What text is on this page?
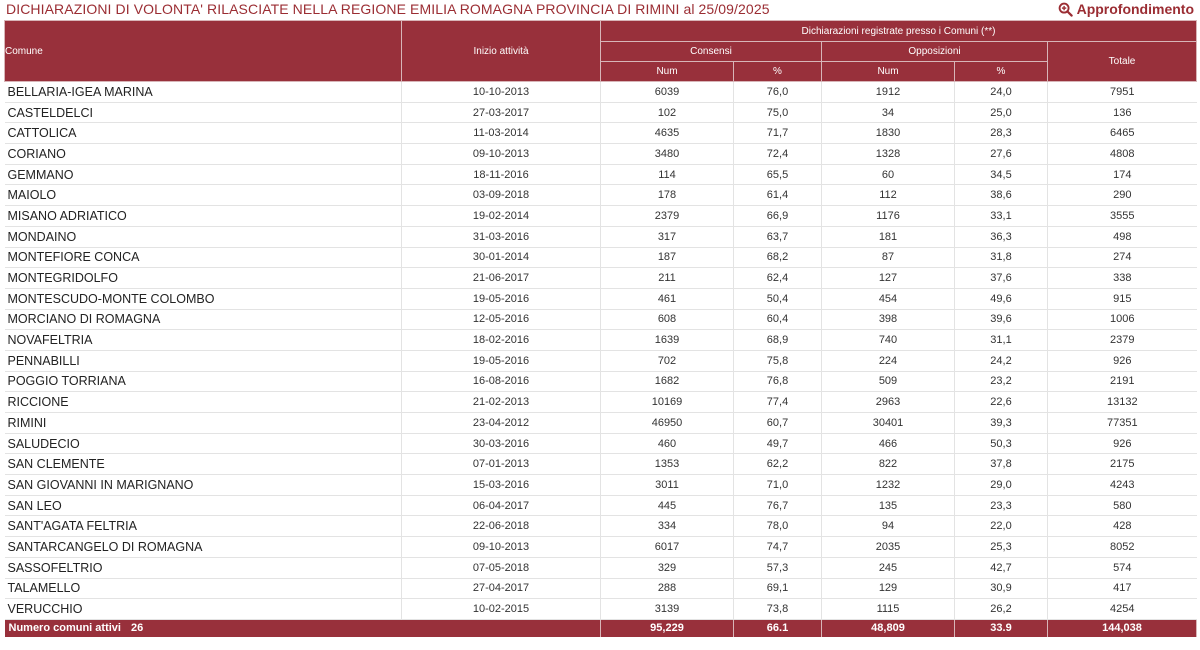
DICHIARAZIONI DI VOLONTA' RILASCIATE NELLA REGIONE EMILIA ROMAGNA PROVINCIA DI RIMINI al 25/09/2025	Approfondimento
Comune	Inizio attività	Dichiarazioni registrate presso i Comuni (**)				
		Consensi		Opposizioni		Totale
		Num	%	Num	%	
BELLARIA-IGEA MARINA	10-10-2013	6039	76,0	1912	24,0	7951
CASTELDELCI	27-03-2017	102	75,0	34	25,0	136
CATTOLICA	11-03-2014	4635	71,7	1830	28,3	6465
CORIANO	09-10-2013	3480	72,4	1328	27,6	4808
GEMMANO	18-11-2016	114	65,5	60	34,5	174
MAIOLO	03-09-2018	178	61,4	112	38,6	290
MISANO ADRIATICO	19-02-2014	2379	66,9	1176	33,1	3555
MONDAINO	31-03-2016	317	63,7	181	36,3	498
MONTEFIORE CONCA	30-01-2014	187	68,2	87	31,8	274
MONTEGRIDOLFO	21-06-2017	211	62,4	127	37,6	338
MONTESCUDO-MONTE COLOMBO	19-05-2016	461	50,4	454	49,6	915
MORCIANO DI ROMAGNA	12-05-2016	608	60,4	398	39,6	1006
NOVAFELTRIA	18-02-2016	1639	68,9	740	31,1	2379
PENNABILLI	19-05-2016	702	75,8	224	24,2	926
POGGIO TORRIANA	16-08-2016	1682	76,8	509	23,2	2191
RICCIONE	21-02-2013	10169	77,4	2963	22,6	13132
RIMINI	23-04-2012	46950	60,7	30401	39,3	77351
SALUDECIO	30-03-2016	460	49,7	466	50,3	926
SAN CLEMENTE	07-01-2013	1353	62,2	822	37,8	2175
SAN GIOVANNI IN MARIGNANO	15-03-2016	3011	71,0	1232	29,0	4243
SAN LEO	06-04-2017	445	76,7	135	23,3	580
SANT'AGATA FELTRIA	22-06-2018	334	78,0	94	22,0	428
SANTARCANGELO DI ROMAGNA	09-10-2013	6017	74,7	2035	25,3	8052
SASSOFELTRIO	07-05-2018	329	57,3	245	42,7	574
TALAMELLO	27-04-2017	288	69,1	129	30,9	417
VERUCCHIO	10-02-2015	3139	73,8	1115	26,2	4254
Numero comuni attivi 26		95,229	66.1	48,809	33.9	144,038
